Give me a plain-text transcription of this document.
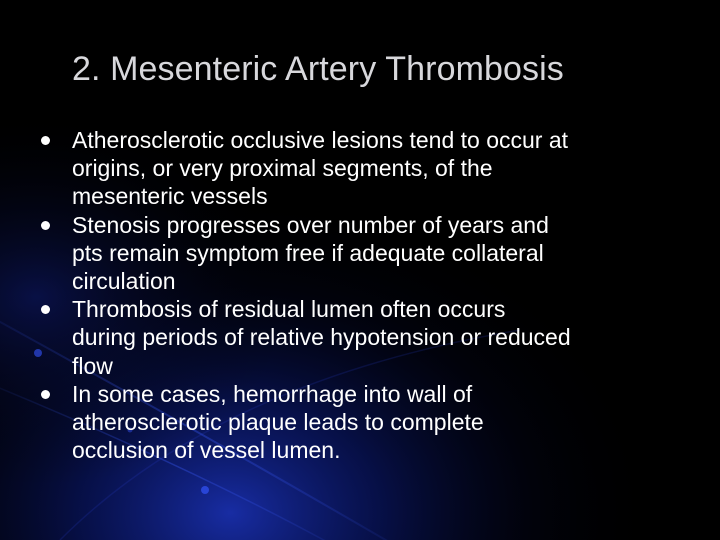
2. Mesenteric Artery Thrombosis
Atherosclerotic occlusive lesions tend to occur at
origins, or very proximal segments, of the
mesenteric vessels
Stenosis progresses over number of years and
pts remain symptom free if adequate collateral
circulation
Thrombosis of residual lumen often occurs
during periods of relative hypotension or reduced
flow
In some cases, hemorrhage into wall of
atherosclerotic plaque leads to complete
occlusion of vessel lumen.
